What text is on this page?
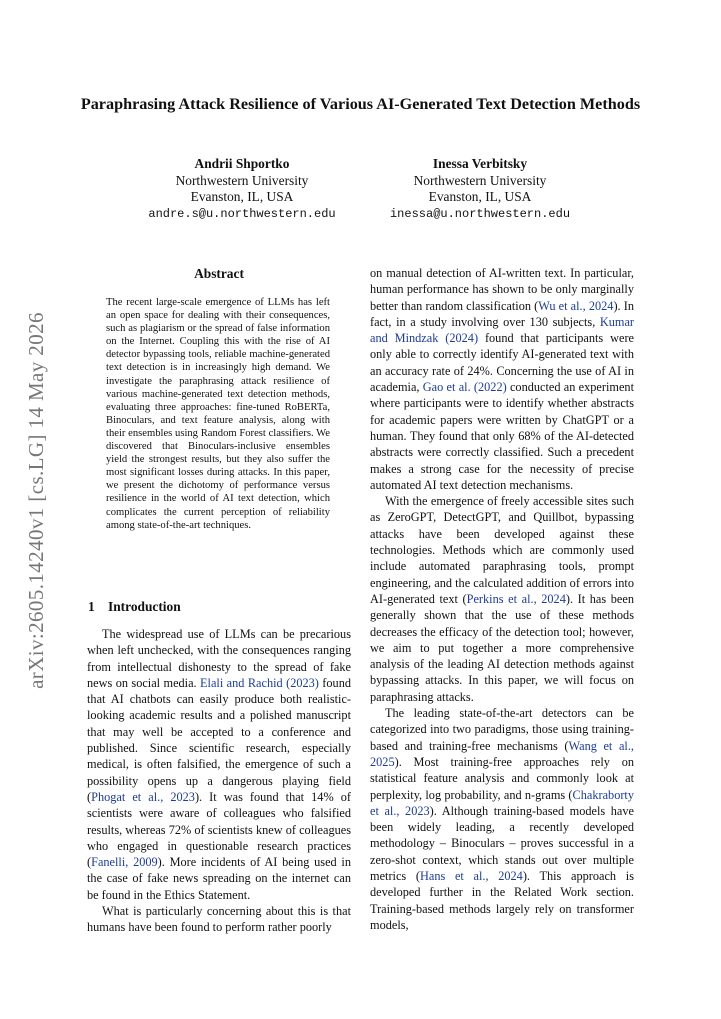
arXiv:2605.14240v1 [cs.LG] 14 May 2026
Paraphrasing Attack Resilience of Various AI-Generated Text Detection Methods
Andrii Shportko
Northwestern University
Evanston, IL, USA
andre.s@u.northwestern.edu
Inessa Verbitsky
Northwestern University
Evanston, IL, USA
inessa@u.northwestern.edu
Abstract
The recent large-scale emergence of LLMs has left an open space for dealing with their consequences, such as plagiarism or the spread of false information on the Internet. Coupling this with the rise of AI detector bypassing tools, reliable machine-generated text detection is in increasingly high demand. We investigate the paraphrasing attack resilience of various machine-generated text detection methods, evaluating three approaches: fine-tuned RoBERTa, Binoculars, and text feature analysis, along with their ensembles using Random Forest classifiers. We discovered that Binoculars-inclusive ensembles yield the strongest results, but they also suffer the most significant losses during attacks. In this paper, we present the dichotomy of performance versus resilience in the world of AI text detection, which complicates the current perception of reliability among state-of-the-art techniques.
1 Introduction

The widespread use of LLMs can be precarious when left unchecked, with the consequences ranging from intellectual dishonesty to the spread of fake news on social media. Elali and Rachid (2023) found that AI chatbots can easily produce both realistic-looking academic results and a polished manuscript that may well be accepted to a conference and published. Since scientific research, especially medical, is often falsified, the emergence of such a possibility opens up a dangerous playing field (Phogat et al., 2023). It was found that 14% of scientists were aware of colleagues who falsified results, whereas 72% of scientists knew of colleagues who engaged in questionable research practices (Fanelli, 2009). More incidents of AI being used in the case of fake news spreading on the internet can be found in the Ethics Statement.

What is particularly concerning about this is that humans have been found to perform rather poorly

on manual detection of AI-written text. In particular, human performance has shown to be only marginally better than random classification (Wu et al., 2024). In fact, in a study involving over 130 subjects, Kumar and Mindzak (2024) found that participants were only able to correctly identify AI-generated text with an accuracy rate of 24%. Concerning the use of AI in academia, Gao et al. (2022) conducted an experiment where participants were to identify whether abstracts for academic papers were written by ChatGPT or a human. They found that only 68% of the AI-detected abstracts were correctly classified. Such a precedent makes a strong case for the necessity of precise automated AI text detection mechanisms.

With the emergence of freely accessible sites such as ZeroGPT, DetectGPT, and Quillbot, bypassing attacks have been developed against these technologies. Methods which are commonly used include automated paraphrasing tools, prompt engineering, and the calculated addition of errors into AI-generated text (Perkins et al., 2024). It has been generally shown that the use of these methods decreases the efficacy of the detection tool; however, we aim to put together a more comprehensive analysis of the leading AI detection methods against bypassing attacks. In this paper, we will focus on paraphrasing attacks.

The leading state-of-the-art detectors can be categorized into two paradigms, those using training-based and training-free mechanisms (Wang et al., 2025). Most training-free approaches rely on statistical feature analysis and commonly look at perplexity, log probability, and n-grams (Chakraborty et al., 2023). Although training-based models have been widely leading, a recently developed methodology – Binoculars – proves successful in a zero-shot context, which stands out over multiple metrics (Hans et al., 2024). This approach is developed further in the Related Work section. Training-based methods largely rely on transformer models,
